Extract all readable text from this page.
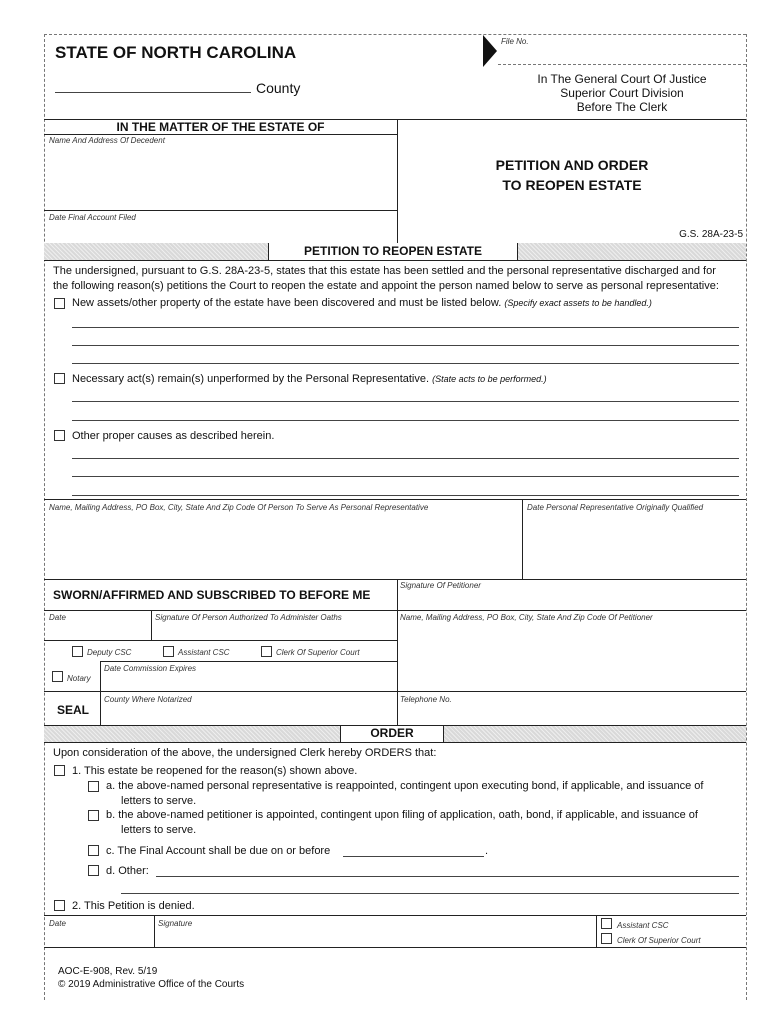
STATE OF NORTH CAROLINA
County
File No.
In The General Court Of Justice
Superior Court Division
Before The Clerk
IN THE MATTER OF THE ESTATE OF
Name And Address Of Decedent
Date Final Account Filed
PETITION AND ORDER
TO REOPEN ESTATE
G.S. 28A-23-5
PETITION TO REOPEN ESTATE
The undersigned, pursuant to G.S. 28A-23-5, states that this estate has been settled and the personal representative discharged and for
the following reason(s) petitions the Court to reopen the estate and appoint the person named below to serve as personal representative:
New assets/other property of the estate have been discovered and must be listed below. (Specify exact assets to be handled.)
Necessary act(s) remain(s) unperformed by the Personal Representative. (State acts to be performed.)
Other proper causes as described herein.
Name, Mailing Address, PO Box, City, State And Zip Code Of Person To Serve As Personal Representative	Date Personal Representative Originally Qualified
SWORN/AFFIRMED AND SUBSCRIBED TO BEFORE ME
Signature Of Petitioner
Date	Signature Of Person Authorized To Administer Oaths	Name, Mailing Address, PO Box, City, State And Zip Code Of Petitioner
Deputy CSC	Assistant CSC	Clerk Of Superior Court
Notary
Date Commission Expires
County Where Notarized
SEAL
Telephone No.
ORDER
Upon consideration of the above, the undersigned Clerk hereby ORDERS that:
1. This estate be reopened for the reason(s) shown above.
a. the above-named personal representative is reappointed, contingent upon executing bond, if applicable, and issuance of
letters to serve.
b. the above-named petitioner is appointed, contingent upon filing of application, oath, bond, if applicable, and issuance of
letters to serve.
c. The Final Account shall be due on or before	.
d. Other:
2. This Petition is denied.
Date	Signature	Assistant CSC
Clerk Of Superior Court
AOC-E-908, Rev. 5/19
© 2019 Administrative Office of the Courts
